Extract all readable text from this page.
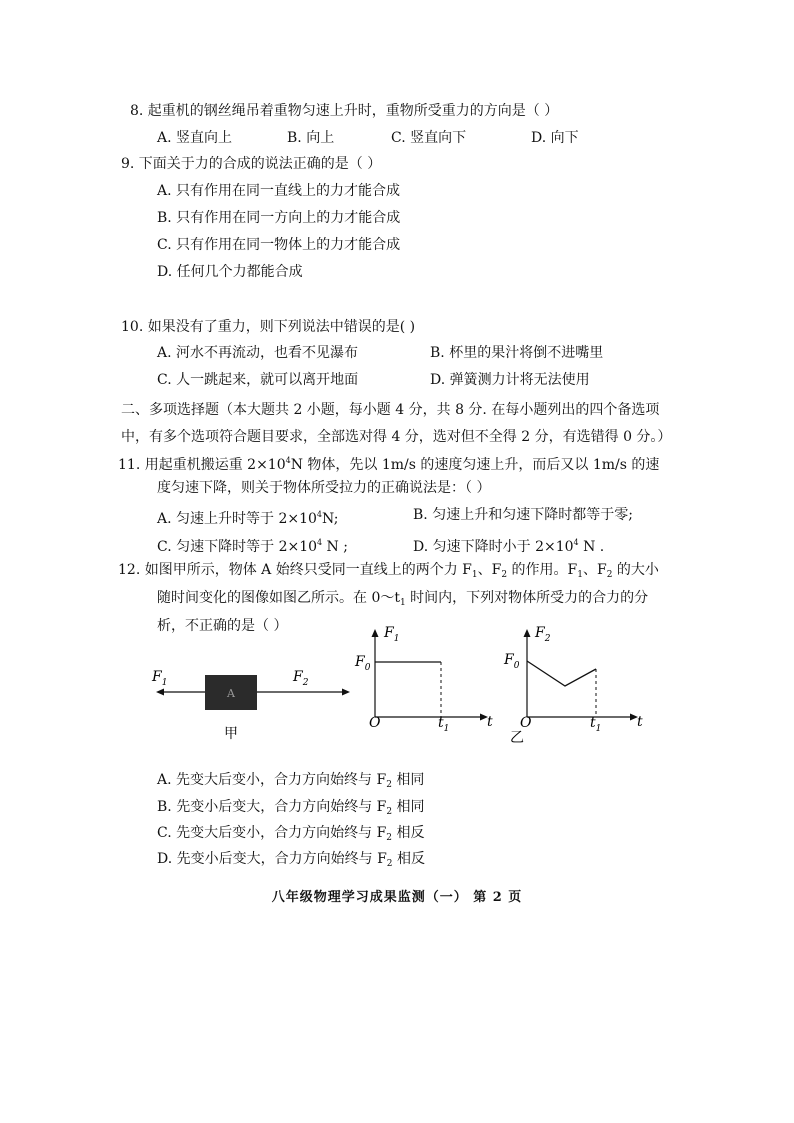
8. 起重机的钢丝绳吊着重物匀速上升时，重物所受重力的方向是（ ）
A. 竖直向上	B. 向上	C. 竖直向下	D. 向下
9. 下面关于力的合成的说法正确的是（ ）
A. 只有作用在同一直线上的力才能合成
B. 只有作用在同一方向上的力才能合成
C. 只有作用在同一物体上的力才能合成
D. 任何几个力都能合成
10. 如果没有了重力，则下列说法中错误的是( )
A. 河水不再流动，也看不见瀑布	B. 杯里的果汁将倒不进嘴里
C. 人一跳起来，就可以离开地面	D. 弹簧测力计将无法使用
二、多项选择题（本大题共 2 小题，每小题 4 分，共 8 分. 在每小题列出的四个备选项中，有多个选项符合题目要求，全部选对得 4 分，选对但不全得 2 分，有选错得 0 分。）
11. 用起重机搬运重 $2\times 10^4N$ 物体，先以 1m/s 的速度匀速上升，而后又以 1m/s 的速
度匀速下降，则关于物体所受拉力的正确说法是：（ ）
A. 匀速上升时等于 $2\times 10^4N$;	B. 匀速上升和匀速下降时都等于零;
C. 匀速下降时等于 $2\times 10^4$ N ;	D. 匀速下降时小于 $2\times 10^4$ N .
12. 如图甲所示，物体 A 始终只受同一直线上的两个力 $F_1$、$F_2$ 的作用。$F_1$、$F_2$ 的大小
随时间变化的图像如图乙所示。在 $0\sim t_1$ 时间内，下列对物体所受力的合力的分
析，不正确的是（ ）
A
$F_1$	$F_2$
甲
$F_1$
$F_0$
O	$t_1$	t
$F_2$
$F_0$
O	$t_1$	t
乙
A. 先变大后变小，合力方向始终与 $F_2$ 相同
B. 先变小后变大，合力方向始终与 $F_2$ 相同
C. 先变大后变小，合力方向始终与 $F_2$ 相反
D. 先变小后变大，合力方向始终与 $F_2$ 相反
八年级物理学习成果监测（一） 第 2 页
